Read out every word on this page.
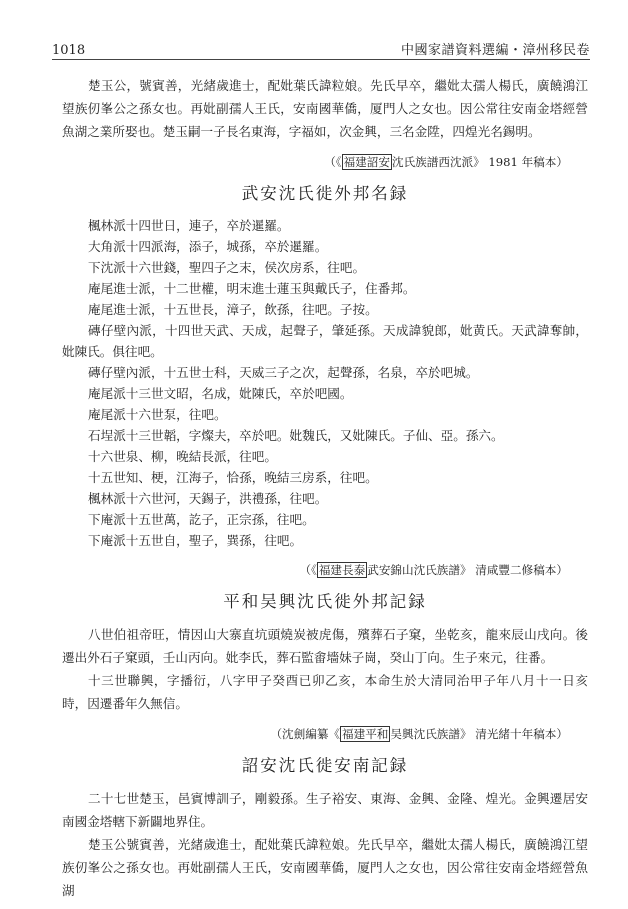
1018	中國家譜資料選編・漳州移民卷

楚玉公，號賓善，光緒歲進士，配妣葉氏諱粒娘。先氏早卒，繼妣太孺人楊氏，廣饒鴻江望族仞峯公之孫女也。再妣副孺人王氏，安南國華僑，厦門人之女也。因公常往安南金塔經營魚湖之業所娶也。楚玉嗣一子長名東海，字福如，次金興，三名金陞，四煌光名錫明。

（《 福建詔安 沈氏族譜西沈派》 1981 年稿本）
武安沈氏徙外邦名録

楓林派十四世日，連子，卒於暹羅。

大角派十四派海，添子，城孫，卒於暹羅。

下沈派十六世錢，聖四子之末，侯次房系，往吧。

庵尾進士派，十二世權，明末進士蓮玉與戴氏子，住番邦。

庵尾進士派，十五世長，漳子，飲孫，往吧。子按。

磚仔壁內派，十四世天武、天成，起聲子，肇延孫。天成諱貌郎，妣黄氏。天武諱奪帥，妣陳氏。俱往吧。

磚仔壁內派，十五世士科，天威三子之次，起聲孫，名泉，卒於吧城。

庵尾派十三世文昭，名成，妣陳氏，卒於吧國。

庵尾派十六世泵，往吧。

石埕派十三世韜，字燦夫，卒於吧。妣魏氏，又妣陳氏。子仙、亞。孫六。

十六世泉、柳，晚結長派，往吧。

十五世知、梗，江海子，恰孫，晚結三房系，往吧。

楓林派十六世河，天錫子，洪禮孫，往吧。

下庵派十五世萬，訖子，正宗孫，往吧。

下庵派十五世自，聖子，巽孫，往吧。

（《 福建長泰 武安錦山沈氏族譜》 清咸豐二修稿本）
平和吴興沈氏徙外邦記録

八世伯祖帝旺，情因山大寨直坑頭燒炭被虎傷，殯葬石子窠，坐乾亥，龍來辰山戌向。後遷出外石子窠頭，壬山丙向。妣李氏，葬石監畬墻妹子崗，癸山丁向。生子來元，往番。

十三世聯興，字播衍，八字甲子癸酉已卯乙亥，本命生於大清同治甲子年八月十一日亥時，因遷番年久無信。

（沈劍編纂《 福建平和 吴興沈氏族譜》 清光緒十年稿本）
詔安沈氏徙安南記録

二十七世楚玉，邑賓博訓子，剛毅孫。生子裕安、東海、金興、金隆、煌光。金興遷居安南國金塔轄下新闢地界住。

楚玉公號賓善，光緒歲進士，配妣葉氏諱粒娘。先氏早卒，繼妣太孺人楊氏，廣饒鴻江望族仞峯公之孫女也。再妣副孺人王氏，安南國華僑，厦門人之女也，因公常往安南金塔經營魚湖
